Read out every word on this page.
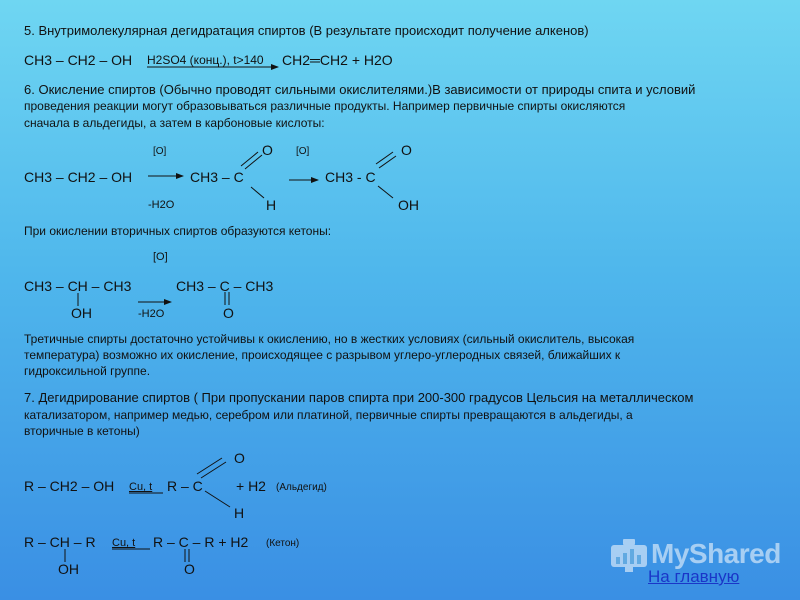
5. Внутримолекулярная дегидратация спиртов (В результате происходит получение алкенов)
CH3 – CH2 – OH H2SO4 (конц.), t>140 CH2═CH2 + H2O
6. Окисление спиртов (Обычно проводят сильными окислителями.)В зависимости от природы спита и условий
проведения реакции могут образовываться различные продукты. Например первичные спирты окисляются
сначала в альдегиды, а затем в карбоновые кислоты:
[O]	O [O]	O
CH3 – CH2 – OH	CH3 – C	CH3 - C
-H2O	H	OH
При окислении вторичных спиртов образуются кетоны:
[O]
CH3 – CH – CH3	CH3 – C – CH3
OH	-H2O	O
Третичные спирты достаточно устойчивы к окислению, но в жестких условиях (сильный окислитель, высокая
температура) возможно их окисление, происходящее с разрывом углеро-углеродных связей, ближайших к
гидроксильной группе.
7. Дегидрирование спиртов ( При пропускании паров спирта при 200-300 градусов Цельсия на металлическом
катализатором, например медью, серебром или платиной, первичные спирты превращаются в альдегиды, а
вторичные в кетоны)
O
R – CH2 – OH Cu, t R – C + H2 (Альдегид)
H
R – CH – R Cu, t R – C – R + H2 (Кетон)
OH	O	MyShared
На главную
